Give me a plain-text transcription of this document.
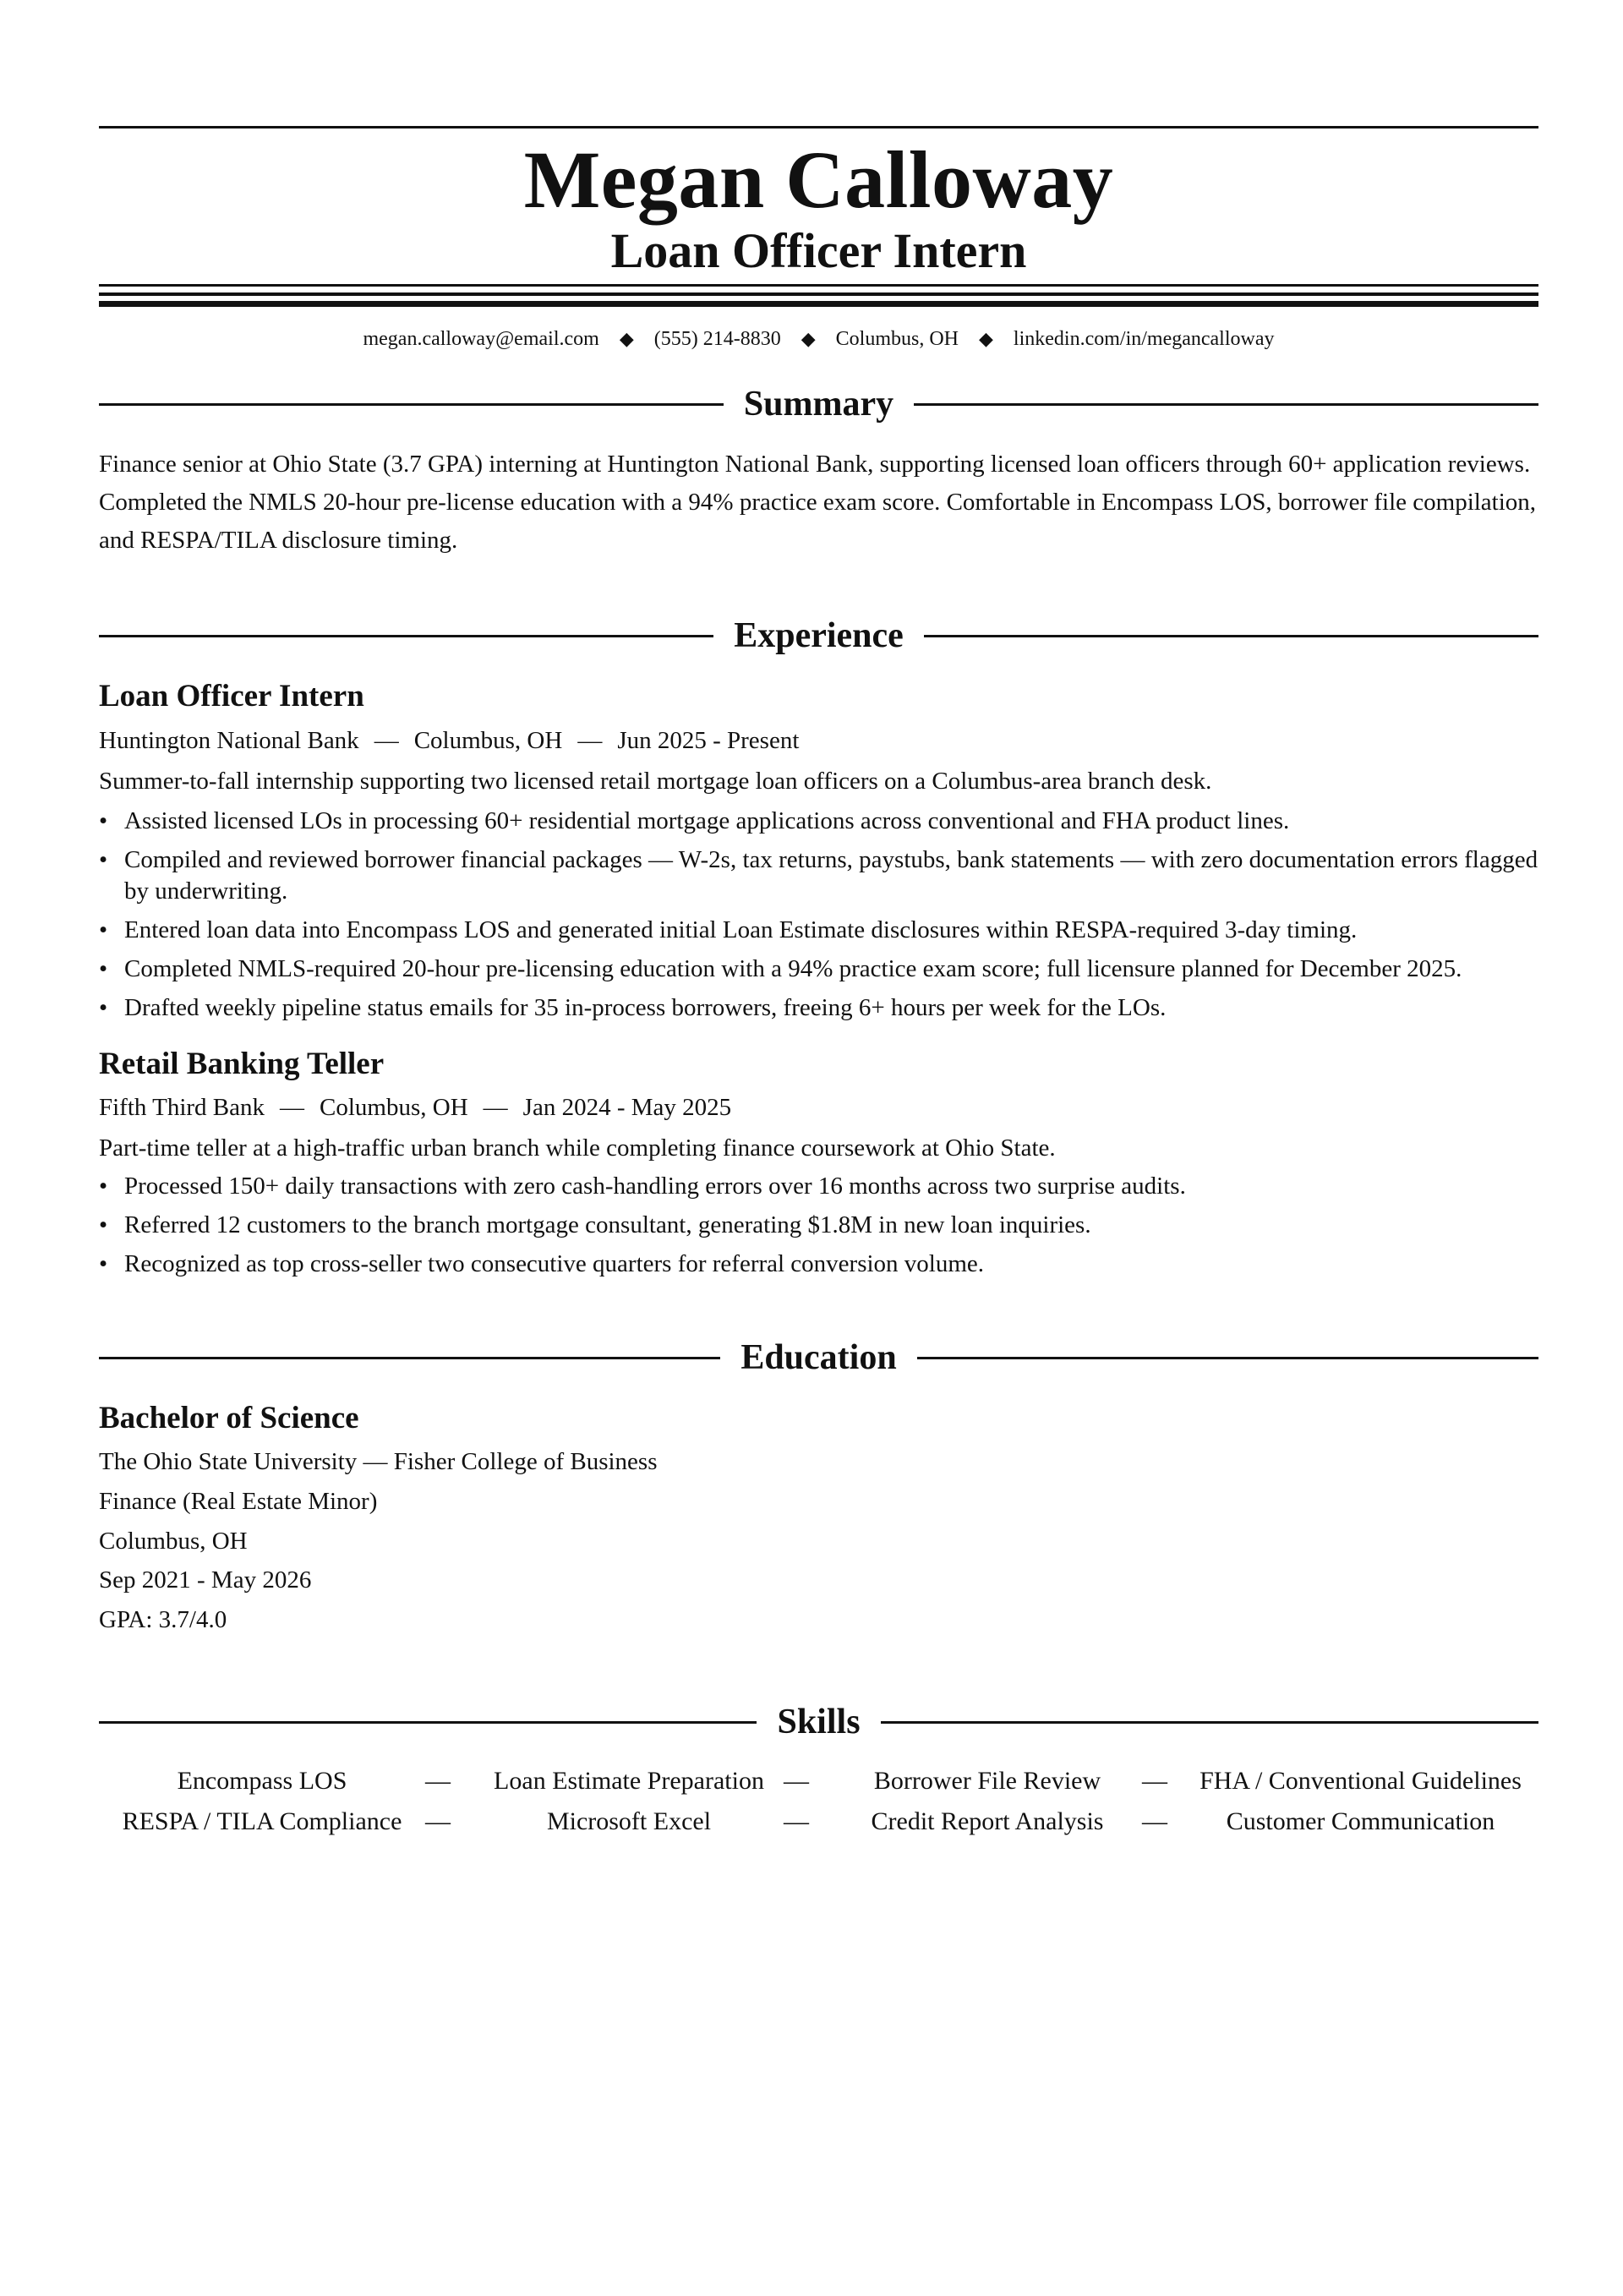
Megan Calloway
Loan Officer Intern
megan.calloway@email.com ◆ (555) 214-8830 ◆ Columbus, OH ◆ linkedin.com/in/megancalloway
Summary
Finance senior at Ohio State (3.7 GPA) interning at Huntington National Bank, supporting licensed loan officers through 60+ application reviews. Completed the NMLS 20-hour pre-license education with a 94% practice exam score. Comfortable in Encompass LOS, borrower file compilation, and RESPA/TILA disclosure timing.
Experience
Loan Officer Intern
Huntington National Bank — Columbus, OH — Jun 2025 - Present
Summer-to-fall internship supporting two licensed retail mortgage loan officers on a Columbus-area branch desk.
• Assisted licensed LOs in processing 60+ residential mortgage applications across conventional and FHA product lines.
• Compiled and reviewed borrower financial packages — W-2s, tax returns, paystubs, bank statements — with zero documentation errors flagged by underwriting.
• Entered loan data into Encompass LOS and generated initial Loan Estimate disclosures within RESPA-required 3-day timing.
• Completed NMLS-required 20-hour pre-licensing education with a 94% practice exam score; full licensure planned for December 2025.
• Drafted weekly pipeline status emails for 35 in-process borrowers, freeing 6+ hours per week for the LOs.
Retail Banking Teller
Fifth Third Bank — Columbus, OH — Jan 2024 - May 2025
Part-time teller at a high-traffic urban branch while completing finance coursework at Ohio State.
• Processed 150+ daily transactions with zero cash-handling errors over 16 months across two surprise audits.
• Referred 12 customers to the branch mortgage consultant, generating $1.8M in new loan inquiries.
• Recognized as top cross-seller two consecutive quarters for referral conversion volume.
Education
Bachelor of Science
The Ohio State University — Fisher College of Business
Finance (Real Estate Minor)
Columbus, OH
Sep 2021 - May 2026
GPA: 3.7/4.0
Skills
Encompass LOS	—	Loan Estimate Preparation —	Borrower File Review	—	FHA / Conventional Guidelines
RESPA / TILA Compliance —	Microsoft Excel	—	Credit Report Analysis	—	Customer Communication
